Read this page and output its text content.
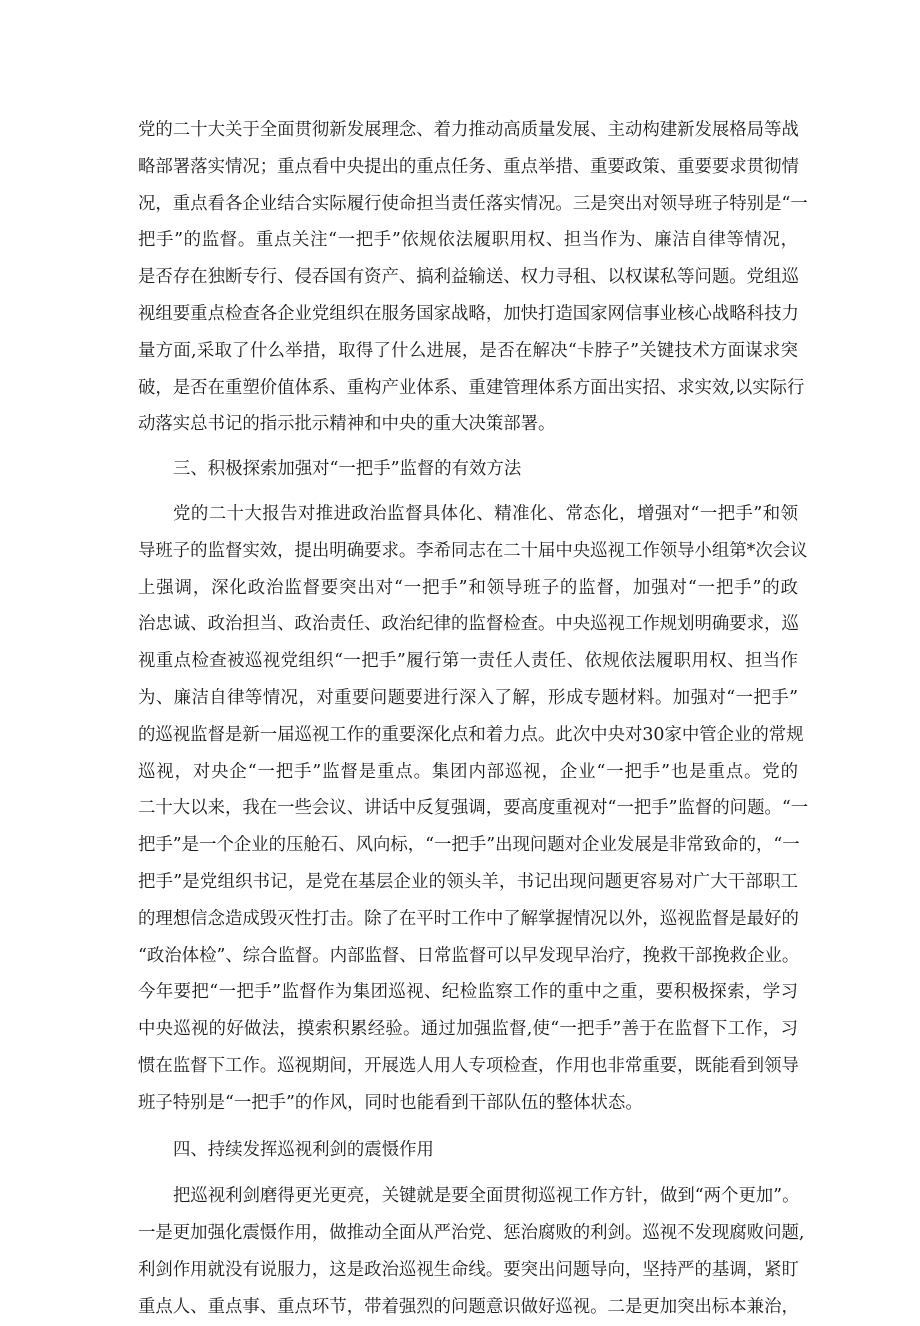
党的二十大关于全面贯彻新发展理念、着力推动高质量发展、主动构建新发展格局等战
略部署落实情况；重点看中央提出的重点任务、重点举措、重要政策、重要要求贯彻情
况，重点看各企业结合实际履行使命担当责任落实情况。三是突出对领导班子特别是“一
把手”的监督。重点关注“一把手”依规依法履职用权、担当作为、廉洁自律等情况，
是否存在独断专行、侵吞国有资产、搞利益输送、权力寻租、以权谋私等问题。党组巡
视组要重点检查各企业党组织在服务国家战略，加快打造国家网信事业核心战略科技力
量方面,采取了什么举措，取得了什么进展，是否在解决“卡脖子”关键技术方面谋求突
破，是否在重塑价值体系、重构产业体系、重建管理体系方面出实招、求实效,以实际行
动落实总书记的指示批示精神和中央的重大决策部署。
三、积极探索加强对“一把手”监督的有效方法
党的二十大报告对推进政治监督具体化、精准化、常态化，增强对“一把手”和领
导班子的监督实效，提出明确要求。李希同志在二十届中央巡视工作领导小组第*次会议
上强调，深化政治监督要突出对“一把手”和领导班子的监督，加强对“一把手”的政
治忠诚、政治担当、政治责任、政治纪律的监督检查。中央巡视工作规划明确要求，巡
视重点检查被巡视党组织“一把手”履行第一责任人责任、依规依法履职用权、担当作
为、廉洁自律等情况，对重要问题要进行深入了解，形成专题材料。加强对“一把手”
的巡视监督是新一届巡视工作的重要深化点和着力点。此次中央对30家中管企业的常规
巡视，对央企“一把手”监督是重点。集团内部巡视，企业“一把手”也是重点。党的
二十大以来，我在一些会议、讲话中反复强调，要高度重视对“一把手”监督的问题。“一
把手”是一个企业的压舱石、风向标，“一把手”出现问题对企业发展是非常致命的，“一
把手”是党组织书记，是党在基层企业的领头羊，书记出现问题更容易对广大干部职工
的理想信念造成毁灭性打击。除了在平时工作中了解掌握情况以外，巡视监督是最好的
“政治体检”、综合监督。内部监督、日常监督可以早发现早治疗，挽救干部挽救企业。
今年要把“一把手”监督作为集团巡视、纪检监察工作的重中之重，要积极探索，学习
中央巡视的好做法，摸索积累经验。通过加强监督,使“一把手”善于在监督下工作，习
惯在监督下工作。巡视期间，开展选人用人专项检查，作用也非常重要，既能看到领导
班子特别是“一把手”的作风，同时也能看到干部队伍的整体状态。
四、持续发挥巡视利剑的震慑作用
把巡视利剑磨得更光更亮，关键就是要全面贯彻巡视工作方针，做到“两个更加”。
一是更加强化震慑作用，做推动全面从严治党、惩治腐败的利剑。巡视不发现腐败问题,
利剑作用就没有说服力，这是政治巡视生命线。要突出问题导向，坚持严的基调，紧盯
重点人、重点事、重点环节，带着强烈的问题意识做好巡视。二是更加突出标本兼治，
